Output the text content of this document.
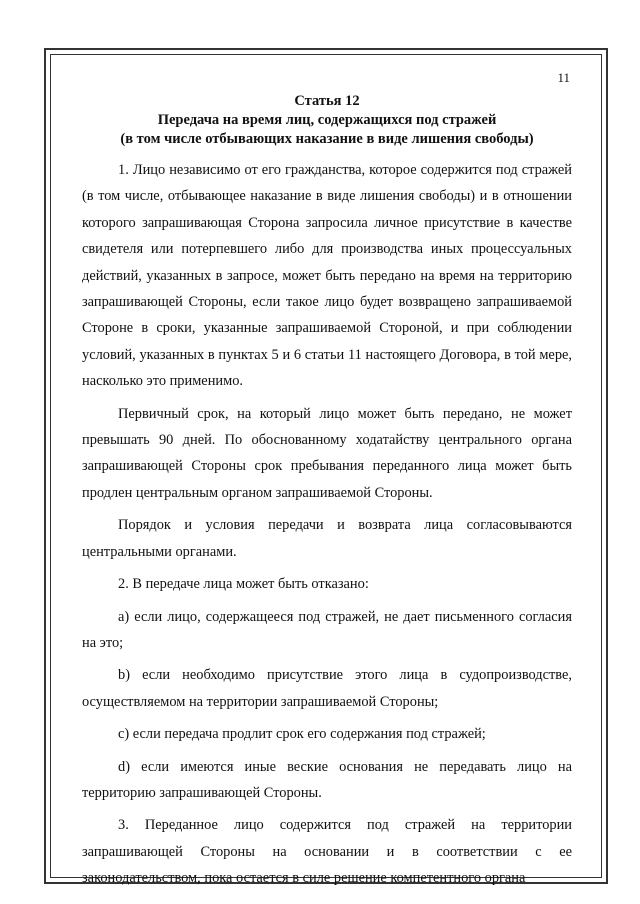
11
Статья 12
Передача на время лиц, содержащихся под стражей
(в том числе отбывающих наказание в виде лишения свободы)

1. Лицо независимо от его гражданства, которое содержится под стражей (в том числе, отбывающее наказание в виде лишения свободы) и в отношении которого запрашивающая Сторона запросила личное присутствие в качестве свидетеля или потерпевшего либо для производства иных процессуальных действий, указанных в запросе, может быть передано на время на территорию запрашивающей Стороны, если такое лицо будет возвращено запрашиваемой Стороне в сроки, указанные запрашиваемой Стороной, и при соблюдении условий, указанных в пунктах 5 и 6 статьи 11 настоящего Договора, в той мере, насколько это применимо.

Первичный срок, на который лицо может быть передано, не может превышать 90 дней. По обоснованному ходатайству центрального органа запрашивающей Стороны срок пребывания переданного лица может быть продлен центральным органом запрашиваемой Стороны.

Порядок и условия передачи и возврата лица согласовываются центральными органами.

2. В передаче лица может быть отказано:

a) если лицо, содержащееся под стражей, не дает письменного согласия на это;

b) если необходимо присутствие этого лица в судопроизводстве, осуществляемом на территории запрашиваемой Стороны;

c) если передача продлит срок его содержания под стражей;

d) если имеются иные веские основания не передавать лицо на территорию запрашивающей Стороны.

3. Переданное лицо содержится под стражей на территории запрашивающей Стороны на основании и в соответствии с ее законодательством, пока остается в силе решение компетентного органа
